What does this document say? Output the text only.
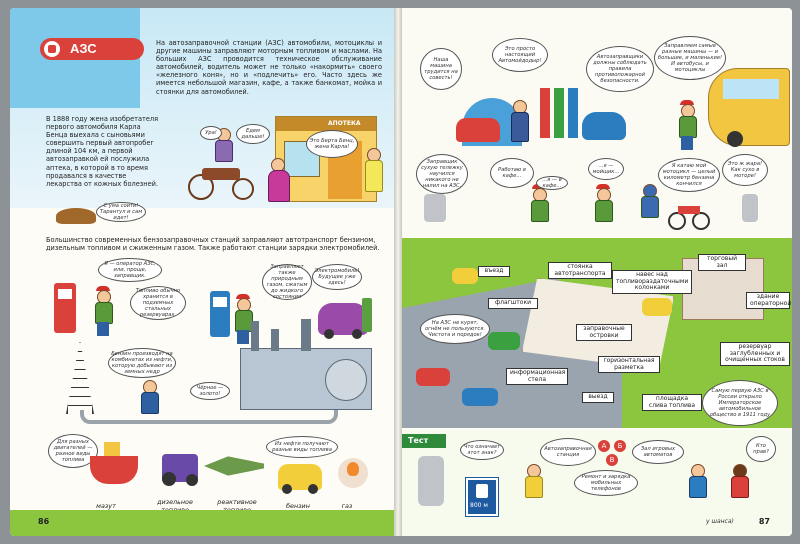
АЗС	На автозаправочной станции (АЗС) автомобили, мотоциклы и другие машины заправляют моторным топливом и маслами. На больших АЗС проводится техническое обслуживание автомобилей, водитель может не только «накормить» своего «железного коня», но и «подлечить» его. Часто здесь же имеется небольшой магазин, кафе, а также банкомат, мойка и стоянки для автомобилей.
В 1888 году жена изобретателя первого автомобиля Карла Бенца выехала с сыновьями совершить первый автопробег длиной 104 км, а первой автозаправкой ей послужила аптека, в которой в то время продавался в качестве лекарства от кожных болезней.
АПОТЕКА
Ура!	Едем дальше!
Это Берта Бенц, жена Карла!
С ума сойти! Тарантул и сам идет!
Большинство современных бензозаправочных станций заправляют автотранспорт бензином, дизельным топливом и сжиженным газом. Также работают станции зарядки электромобилей.
Я — оператор АЗС, или, проще, заправщик.
Топливо обычно хранится в подземных стальных резервуарах.
Заправляют также природным газом, сжатым до жидкого состояния
Электромобиль! Будущее уже здесь!
Бензин производят на комбинатах из нефти, которую добывают из земных недр
Чёрное — золото!
Для разных двигателей — разное виды топлива
Из нефти получают разные виды топлива
мазут	дизельное	реактивное	бензин	газ
86
Наша машина трудится на совесть!
Это просто настоящий Автомойдодыр!
Автозаправщики должны соблюдать правила противопожарной безопасности.
Заправляем самые разные машины — и большие, и маленькие! И автобусы, и мотоциклы
Заправщик сухую тележку научился никакого не налил на АЗС.
Работаю в кафе...
...я — в кафе...
...я — мойщик...
Я катаю мой мотоцикл — целый километр бензина кончился
Это ж жара! Как сухо в моторе!
стоянка автотранспорта	навес над топливораздаточными колонками
торговый зал
флагштоки
здание операторной
заправочные островки
резервуар заглубленных и очищенных стоков
горизонтальная разметка
информационная стела
выезд
въезд
площадка слива топлива
На АЗС не курят, огнём не пользуются. Чистота и порядок!
Самую первую АЗС в России открыло Императорское автомобильное общество в 1911 году
Тест
Что означает этот знак?
800 м
Автозаправочная станция
Зал игровых автоматов
Ремонт и зарядка мобильных телефонов
А	Б
В
Кто прав?
у шанса)	87
